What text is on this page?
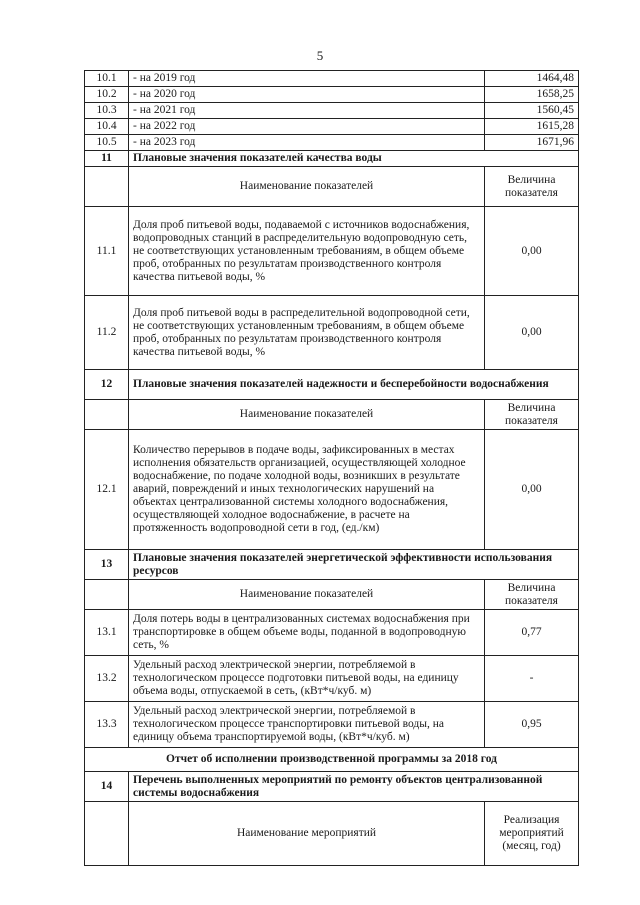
5
10.1	- на 2019 год	1464,48
10.2	- на 2020 год	1658,25
10.3	- на 2021 год	1560,45
10.4	- на 2022 год	1615,28
10.5	- на 2023 год	1671,96
11	Плановые значения показателей качества воды	
	Наименование показателей	Величина показателя
11.1	Доля проб питьевой воды, подаваемой с источников водоснабжения, водопроводных станций в распределительную водопроводную сеть, не соответствующих установленным требованиям, в общем объеме проб, отобранных по результатам производственного контроля качества питьевой воды, %	0,00
11.2	Доля проб питьевой воды в распределительной водопроводной сети, не соответствующих установленным требованиям, в общем объеме проб, отобранных по результатам производственного контроля качества питьевой воды, %	0,00
12	Плановые значения показателей надежности и бесперебойности водоснабжения	
	Наименование показателей	Величина показателя
12.1	Количество перерывов в подаче воды, зафиксированных в местах исполнения обязательств организацией, осуществляющей холодное водоснабжение, по подаче холодной воды, возникших в результате аварий, повреждений и иных технологических нарушений на объектах централизованной системы холодного водоснабжения, осуществляющей холодное водоснабжение, в расчете на протяженность водопроводной сети в год, (ед./км)	0,00
13	Плановые значения показателей энергетической эффективности использования ресурсов	
	Наименование показателей	Величина показателя
13.1	Доля потерь воды в централизованных системах водоснабжения при транспортировке в общем объеме воды, поданной в водопроводную сеть, %	0,77
13.2	Удельный расход электрической энергии, потребляемой в технологическом процессе подготовки питьевой воды, на единицу объема воды, отпускаемой в сеть, (кВт*ч/куб. м)	-
13.3	Удельный расход электрической энергии, потребляемой в технологическом процессе транспортировки питьевой воды, на единицу объема транспортируемой воды, (кВт*ч/куб. м)	0,95
Отчет об исполнении производственной программы за 2018 год		
14	Перечень выполненных мероприятий по ремонту объектов централизованной системы водоснабжения	
	Наименование мероприятий	Реализация мероприятий (месяц, год)
